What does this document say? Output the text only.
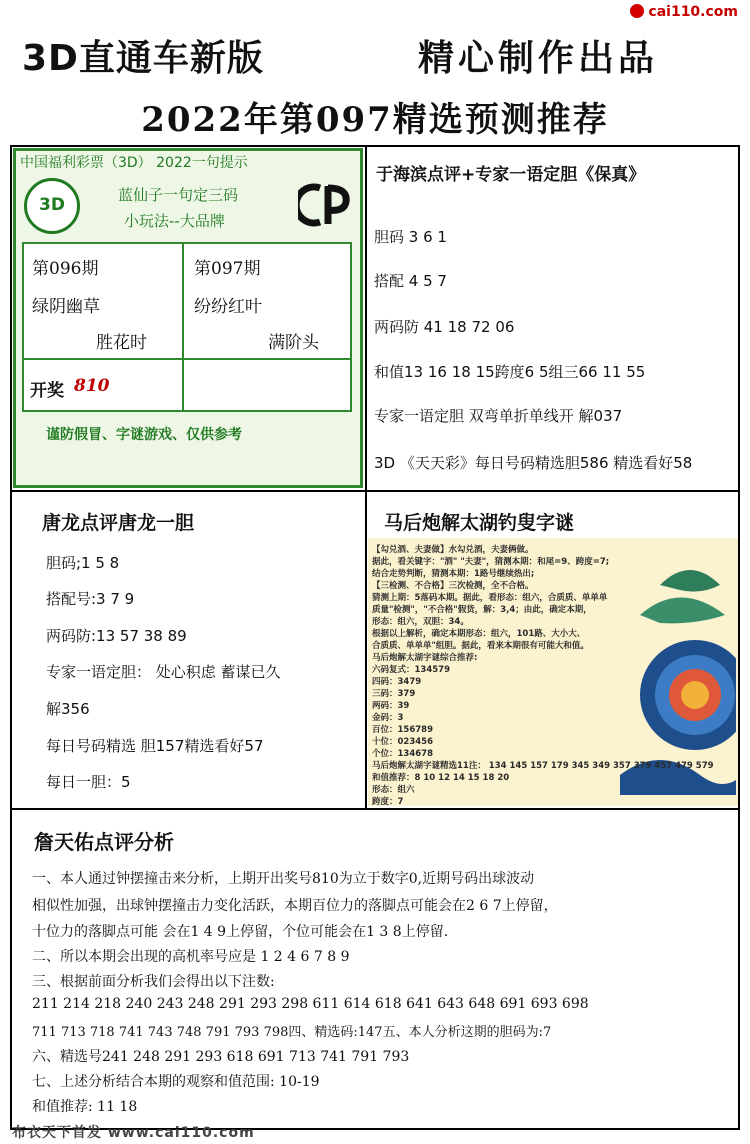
cai110.com
3D直通车新版	精心制作出品
2022年第097精选预测推荐
中国福利彩票（3D） 2022一句提示
3D	蓝仙子一句定三码
小玩法--大品牌
第096期
绿阴幽草
胜花时
第097期
纷纷红叶
满阶头
开奖 810
谨防假冒、字谜游戏、仅供参考
于海滨点评+专家一语定胆《保真》
胆码 3 6 1
搭配 4 5 7
两码防 41 18 72 06
和值13 16 18 15跨度6 5组三66 11 55
专家一语定胆 双弯单折单线开 解037
3D 《天天彩》每日号码精选胆586 精选看好58
唐龙点评唐龙一胆
胆码;1 5 8
搭配号:3 7 9
两码防:13 57 38 89
专家一语定胆： 处心积虑 蓄谋已久
解356
每日号码精选 胆157精选看好57
每日一胆：5
马后炮解太湖钓叟字谜
【勾兑酒、夫妻做】水勾兑酒，夫妻俩做。
据此，看关键字："酒" "夫妻"，猜测本期：和尾=9、跨度=7;
结合走势判断，猜测本期：1路号继续热出;
【三检测、不合格】三次检测，全不合格。
猜测上期：5落码本期。据此，看形态：组六，合质质、单单单
质量"检测"，"不合格"假货，解：3,4；由此，确定本期，
形态：组六，双胆：34。
根据以上解析，确定本期形态：组六，101路、大小大、
合质质、单单单"组胆。据此，看来本期很有可能大和值。
马后炮解太湖字谜综合推荐:
六码复式：134579
四码：3479
三码：379
两码：39
金码：3
百位：156789
十位：023456
个位：134678
马后炮解太湖字谜精选11注： 134 145 157 179 345 349 357 379 457 479 579
和值推荐：8 10 12 14 15 18 20
形态：组六
跨度：7
詹天佑点评分析
一、本人通过钟摆撞击来分析，上期开出奖号810为立于数字0,近期号码出球波动
相似性加强，出球钟摆撞击力变化活跃，本期百位力的落脚点可能会在2 6 7上停留，
十位力的落脚点可能 会在1 4 9上停留，个位可能会在1 3 8上停留.
二、所以本期会出现的高机率号应是 1 2 4 6 7 8 9
三、根据前面分析我们会得出以下注数:
211 214 218 240 243 248 291 293 298 611 614 618 641 643 648 691 693 698
711 713 718 741 743 748 791 793 798四、精选码:147五、本人分析这期的胆码为:7
六、精选号241 248 291 293 618 691 713 741 791 793
七、上述分析结合本期的观察和值范围: 10-19
和值推荐: 11 18
布衣天下首发 www.cai110.com
